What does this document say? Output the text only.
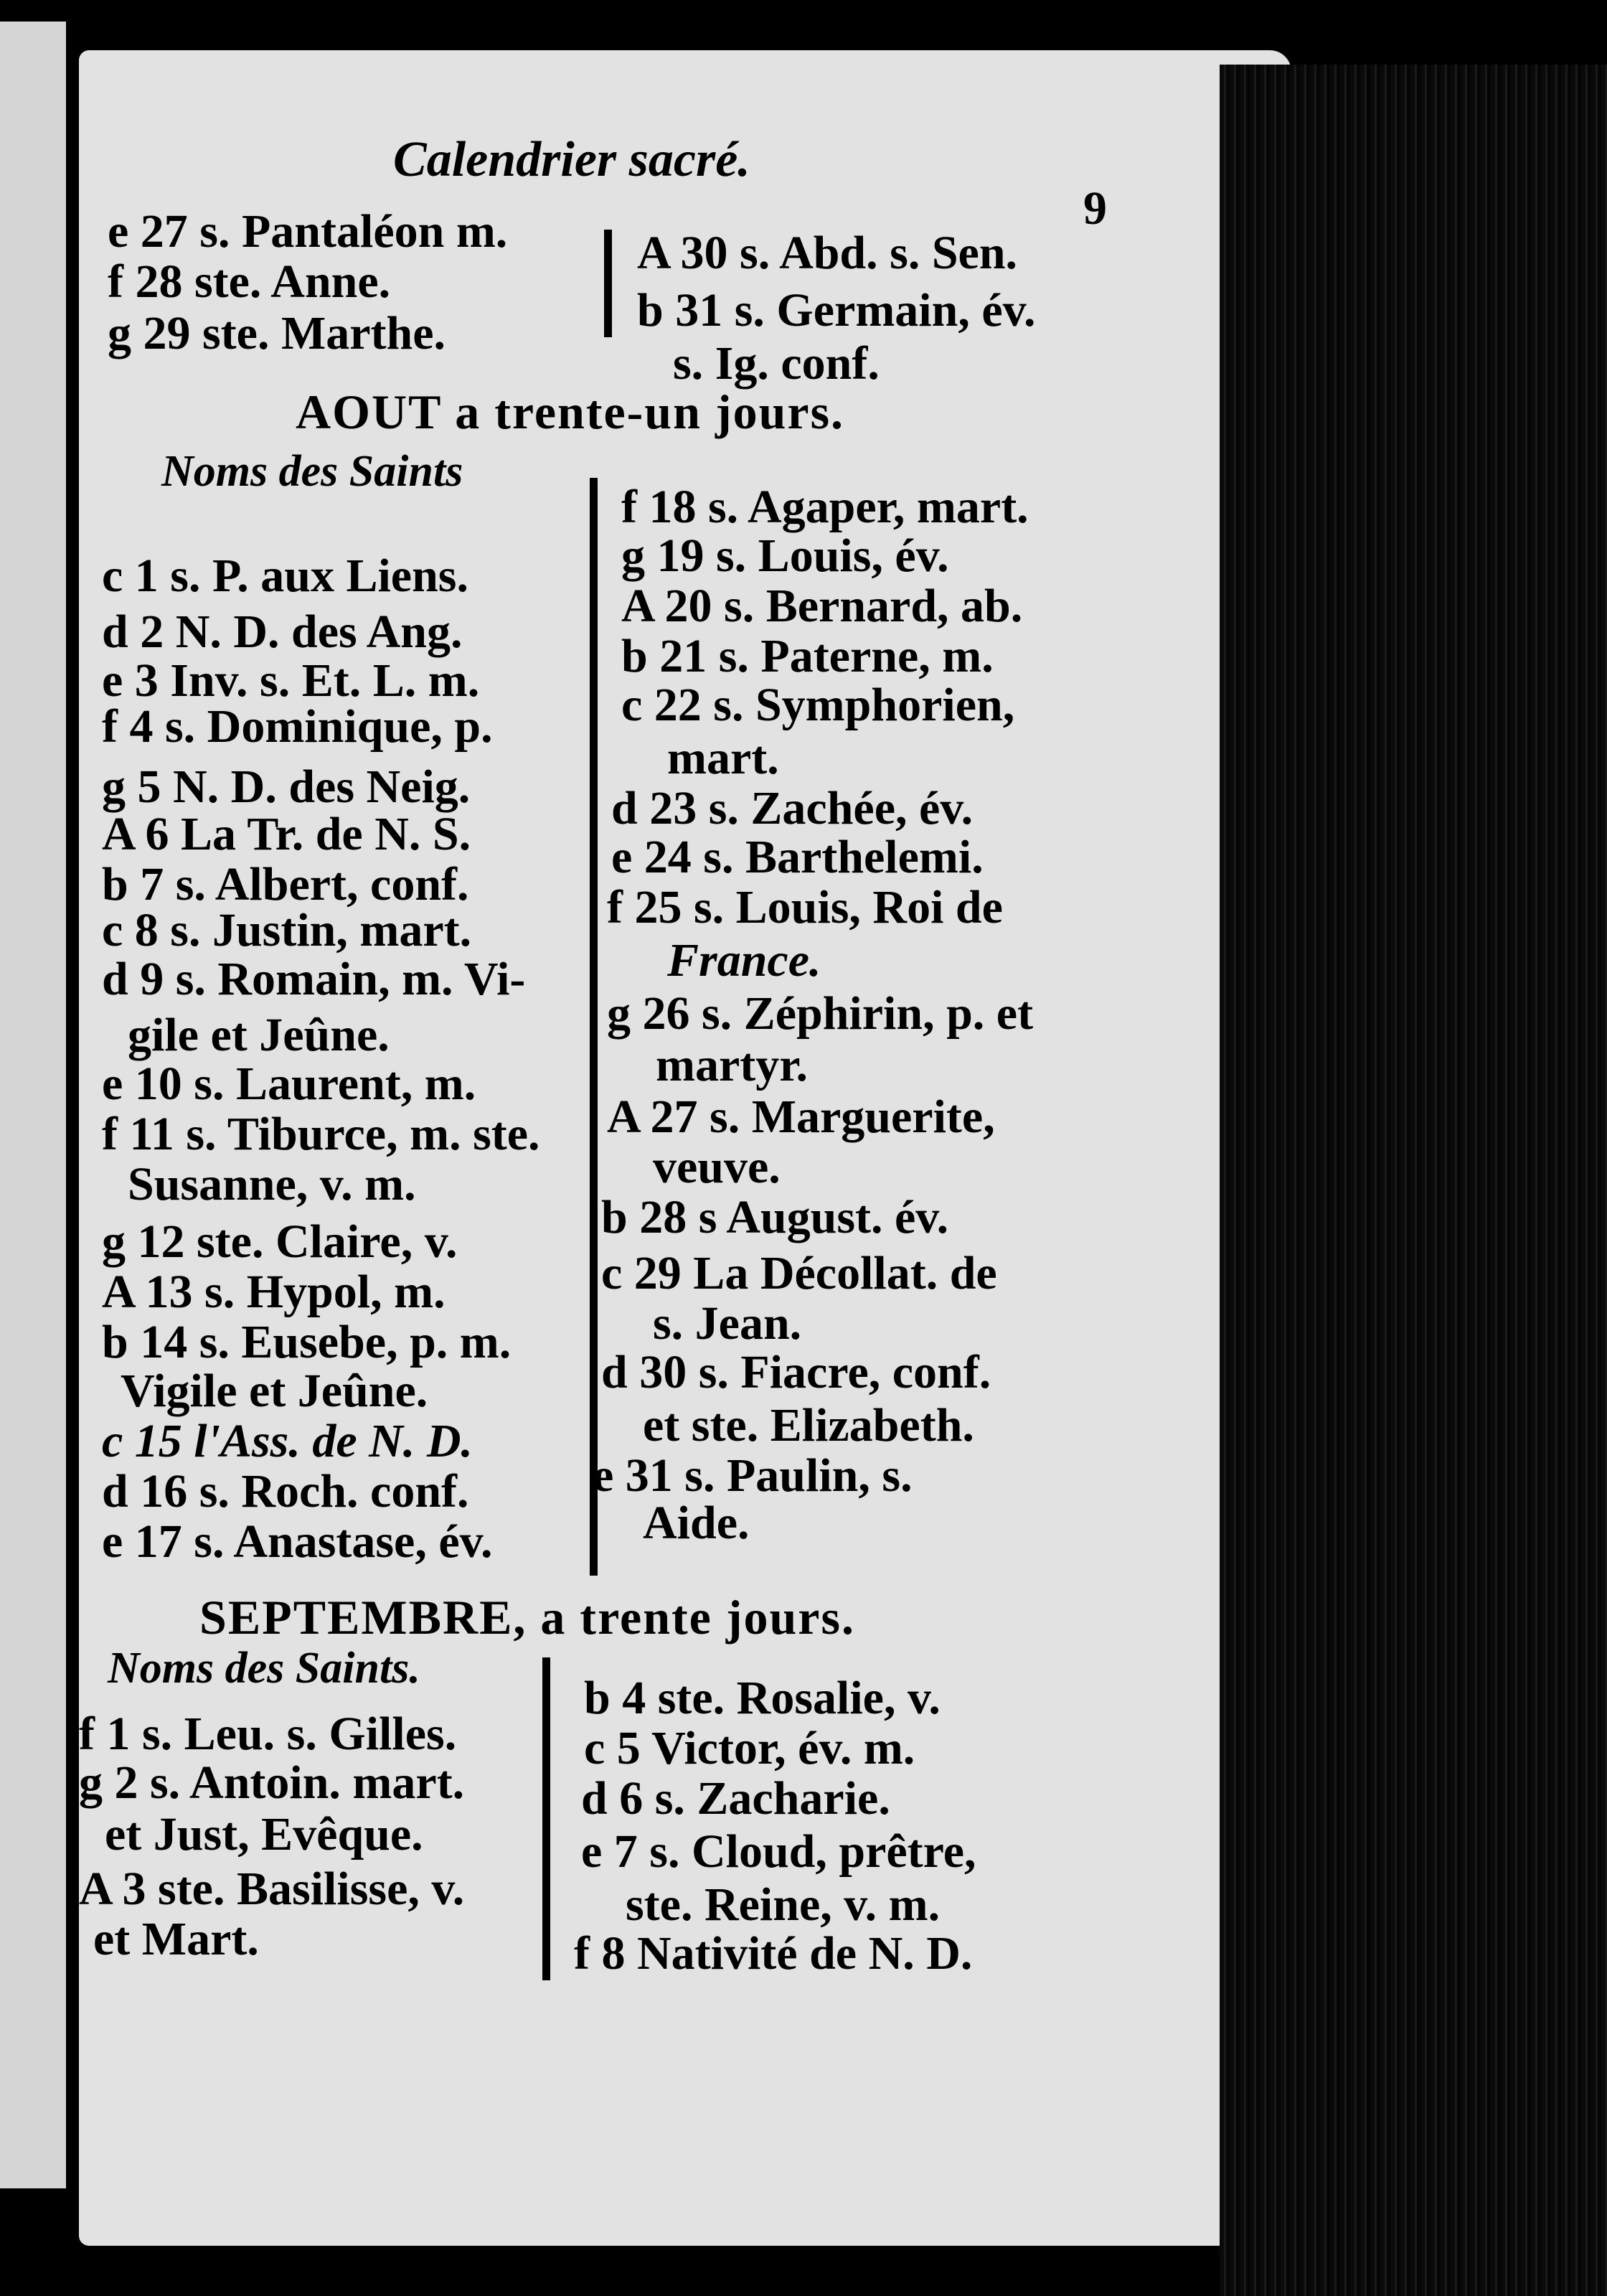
Calendrier sacré.
9
e 27 s. Pantaléon m.
f 28 ste. Anne.
g 29 ste. Marthe.
A 30 s. Abd. s. Sen.
b 31 s. Germain, év.
s. Ig. conf.
AOUT a trente-un jours.
Noms des Saints
c 1 s. P. aux Liens.
d 2 N. D. des Ang.
e 3 Inv. s. Et. L. m.
f 4 s. Dominique, p.
g 5 N. D. des Neig.
A 6 La Tr. de N. S.
b 7 s. Albert, conf.
c 8 s. Justin, mart.
d 9 s. Romain, m. Vi-
gile et Jeûne.
e 10 s. Laurent, m.
f 11 s. Tiburce, m. ste.
Susanne, v. m.
g 12 ste. Claire, v.
A 13 s. Hypol, m.
b 14 s. Eusebe, p. m.
Vigile et Jeûne.
c 15 l'Ass. de N. D.
d 16 s. Roch. conf.
e 17 s. Anastase, év.
f 18 s. Agaper, mart.
g 19 s. Louis, év.
A 20 s. Bernard, ab.
b 21 s. Paterne, m.
c 22 s. Symphorien,
mart.
d 23 s. Zachée, év.
e 24 s. Barthelemi.
f 25 s. Louis, Roi de
France.
g 26 s. Zéphirin, p. et
martyr.
A 27 s. Marguerite,
veuve.
b 28 s August. év.
c 29 La Décollat. de
s. Jean.
d 30 s. Fiacre, conf.
et ste. Elizabeth.
e 31 s. Paulin, s.
Aide.
SEPTEMBRE, a trente jours.
Noms des Saints.
f 1 s. Leu. s. Gilles.
g 2 s. Antoin. mart.
et Just, Evêque.
A 3 ste. Basilisse, v.
et Mart.
b 4 ste. Rosalie, v.
c 5 Victor, év. m.
d 6 s. Zacharie.
e 7 s. Cloud, prêtre,
ste. Reine, v. m.
f 8 Nativité de N. D.
